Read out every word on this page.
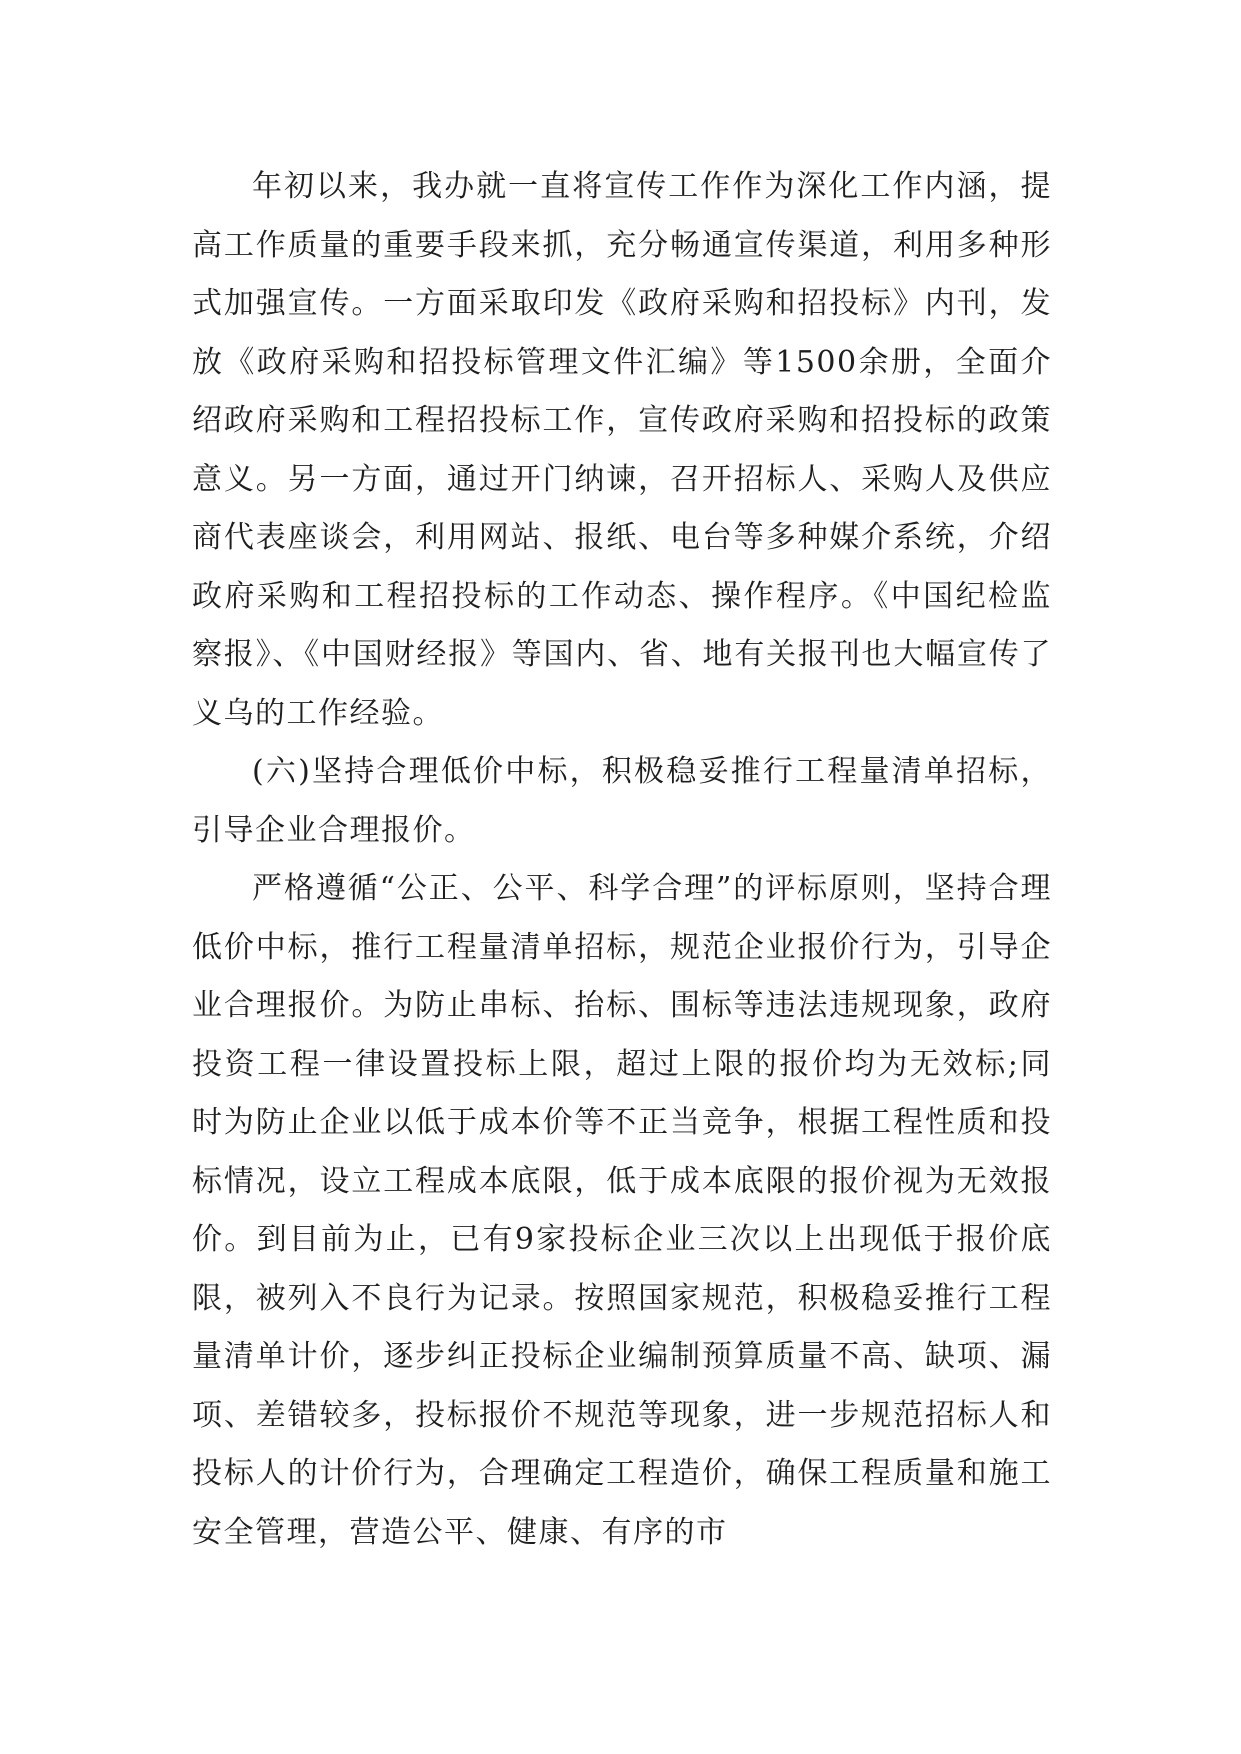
年初以来，我办就一直将宣传工作作为深化工作内涵，提高工作质量的重要手段来抓，充分畅通宣传渠道，利用多种形式加强宣传。一方面采取印发《政府采购和招投标》内刊，发放《政府采购和招投标管理文件汇编》等1500余册，全面介绍政府采购和工程招投标工作，宣传政府采购和招投标的政策意义。另一方面，通过开门纳谏，召开招标人、采购人及供应商代表座谈会，利用网站、报纸、电台等多种媒介系统，介绍政府采购和工程招投标的工作动态、操作程序。《中国纪检监察报》、《中国财经报》等国内、省、地有关报刊也大幅宣传了义乌的工作经验。

(六)坚持合理低价中标，积极稳妥推行工程量清单招标，引导企业合理报价。

严格遵循“公正、公平、科学合理”的评标原则，坚持合理低价中标，推行工程量清单招标，规范企业报价行为，引导企业合理报价。为防止串标、抬标、围标等违法违规现象，政府投资工程一律设置投标上限，超过上限的报价均为无效标;同时为防止企业以低于成本价等不正当竞争，根据工程性质和投标情况，设立工程成本底限，低于成本底限的报价视为无效报价。到目前为止，已有9家投标企业三次以上出现低于报价底限，被列入不良行为记录。按照国家规范，积极稳妥推行工程量清单计价，逐步纠正投标企业编制预算质量不高、缺项、漏项、差错较多，投标报价不规范等现象，进一步规范招标人和投标人的计价行为，合理确定工程造价，确保工程质量和施工安全管理，营造公平、健康、有序的市
